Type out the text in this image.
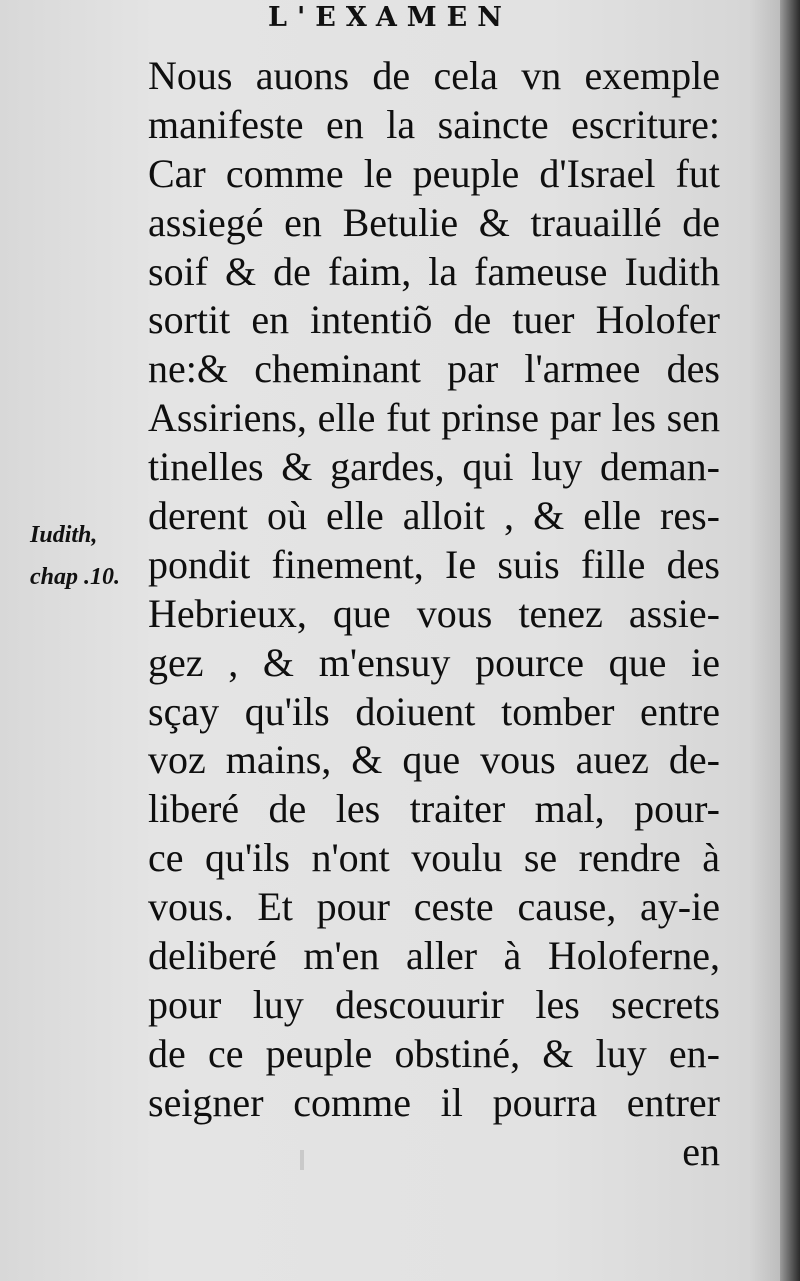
L'EXAMEN
Iudith,
chap .10.
Nous auons de cela vn exemple
manifeste en la saincte escriture:
Car comme le peuple d'Israel fut
assiegé en Betulie & trauaillé de
soif & de faim, la fameuse Iudith
sortit en intentiõ de tuer Holofer
ne:& cheminant par l'armee des
Assiriens, elle fut prinse par les sen
tinelles & gardes, qui luy deman-
derent où elle alloit , & elle res-
pondit finement, Ie suis fille des
Hebrieux, que vous tenez assie-
gez , & m'ensuy pource que ie
sçay qu'ils doiuent tomber entre
voz mains, & que vous auez de-
liberé de les traiter mal, pour-
ce qu'ils n'ont voulu se rendre à
vous. Et pour ceste cause, ay-ie
deliberé m'en aller à Holoferne,
pour luy descouurir les secrets
de ce peuple obstiné, & luy en-
seigner comme il pourra entrer
en
